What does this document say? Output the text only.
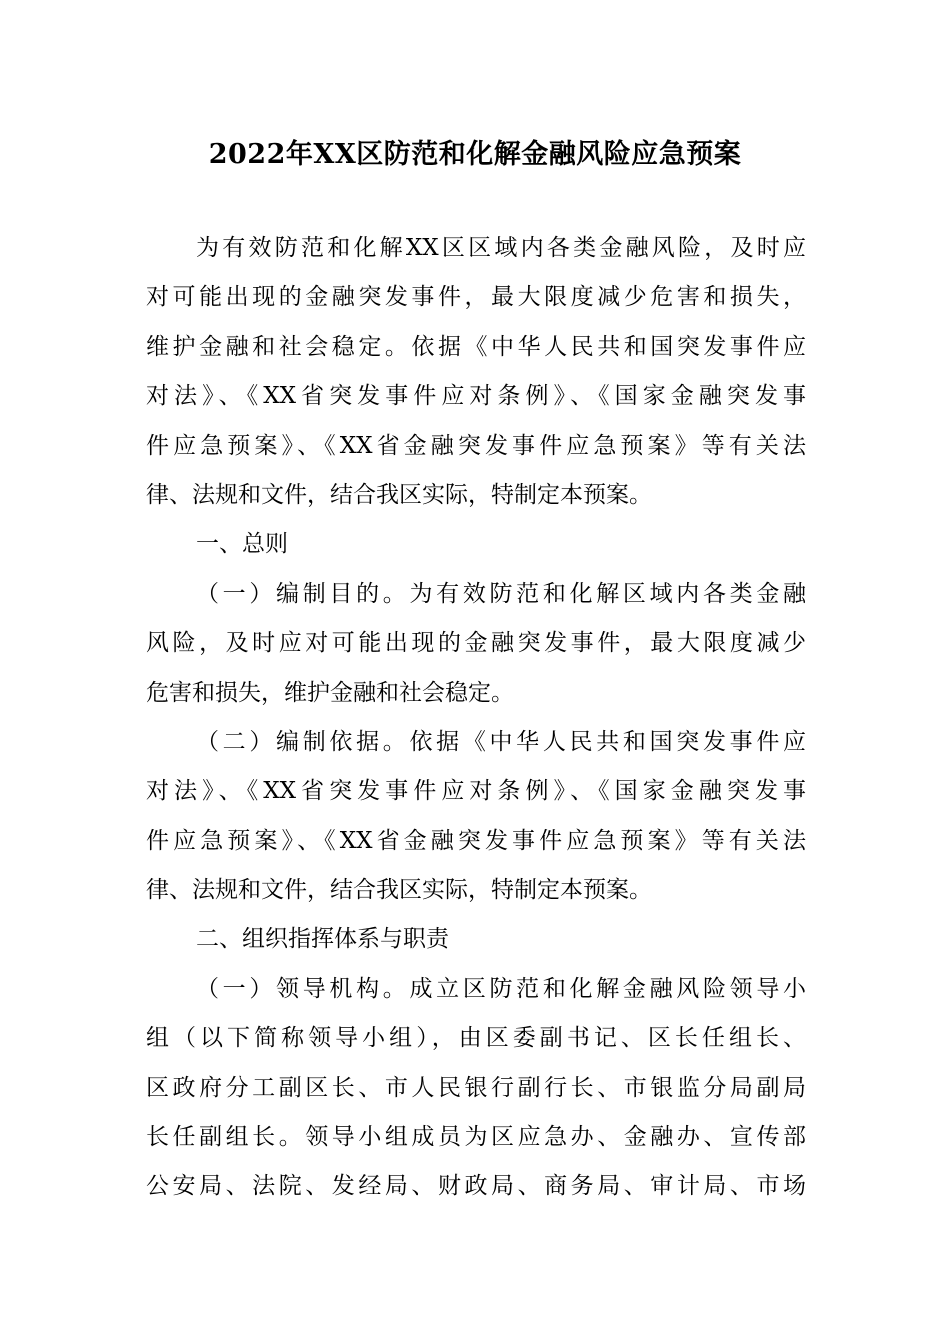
2022年XX区防范和化解金融风险应急预案
为有效防范和化解XX区区域内各类金融风险，及时应
对可能出现的金融突发事件，最大限度减少危害和损失，
维护金融和社会稳定。依据《中华人民共和国突发事件应
对法》、《XX省突发事件应对条例》、《国家金融突发事
件应急预案》、《XX省金融突发事件应急预案》等有关法
律、法规和文件，结合我区实际，特制定本预案。
一、总则
（一）编制目的。为有效防范和化解区域内各类金融
风险，及时应对可能出现的金融突发事件，最大限度减少
危害和损失，维护金融和社会稳定。
（二）编制依据。依据《中华人民共和国突发事件应
对法》、《XX省突发事件应对条例》、《国家金融突发事
件应急预案》、《XX省金融突发事件应急预案》等有关法
律、法规和文件，结合我区实际，特制定本预案。
二、组织指挥体系与职责
（一）领导机构。成立区防范和化解金融风险领导小
组（以下简称领导小组），由区委副书记、区长任组长、
区政府分工副区长、市人民银行副行长、市银监分局副局
长任副组长。领导小组成员为区应急办、金融办、宣传部
公安局、法院、发经局、财政局、商务局、审计局、市场
